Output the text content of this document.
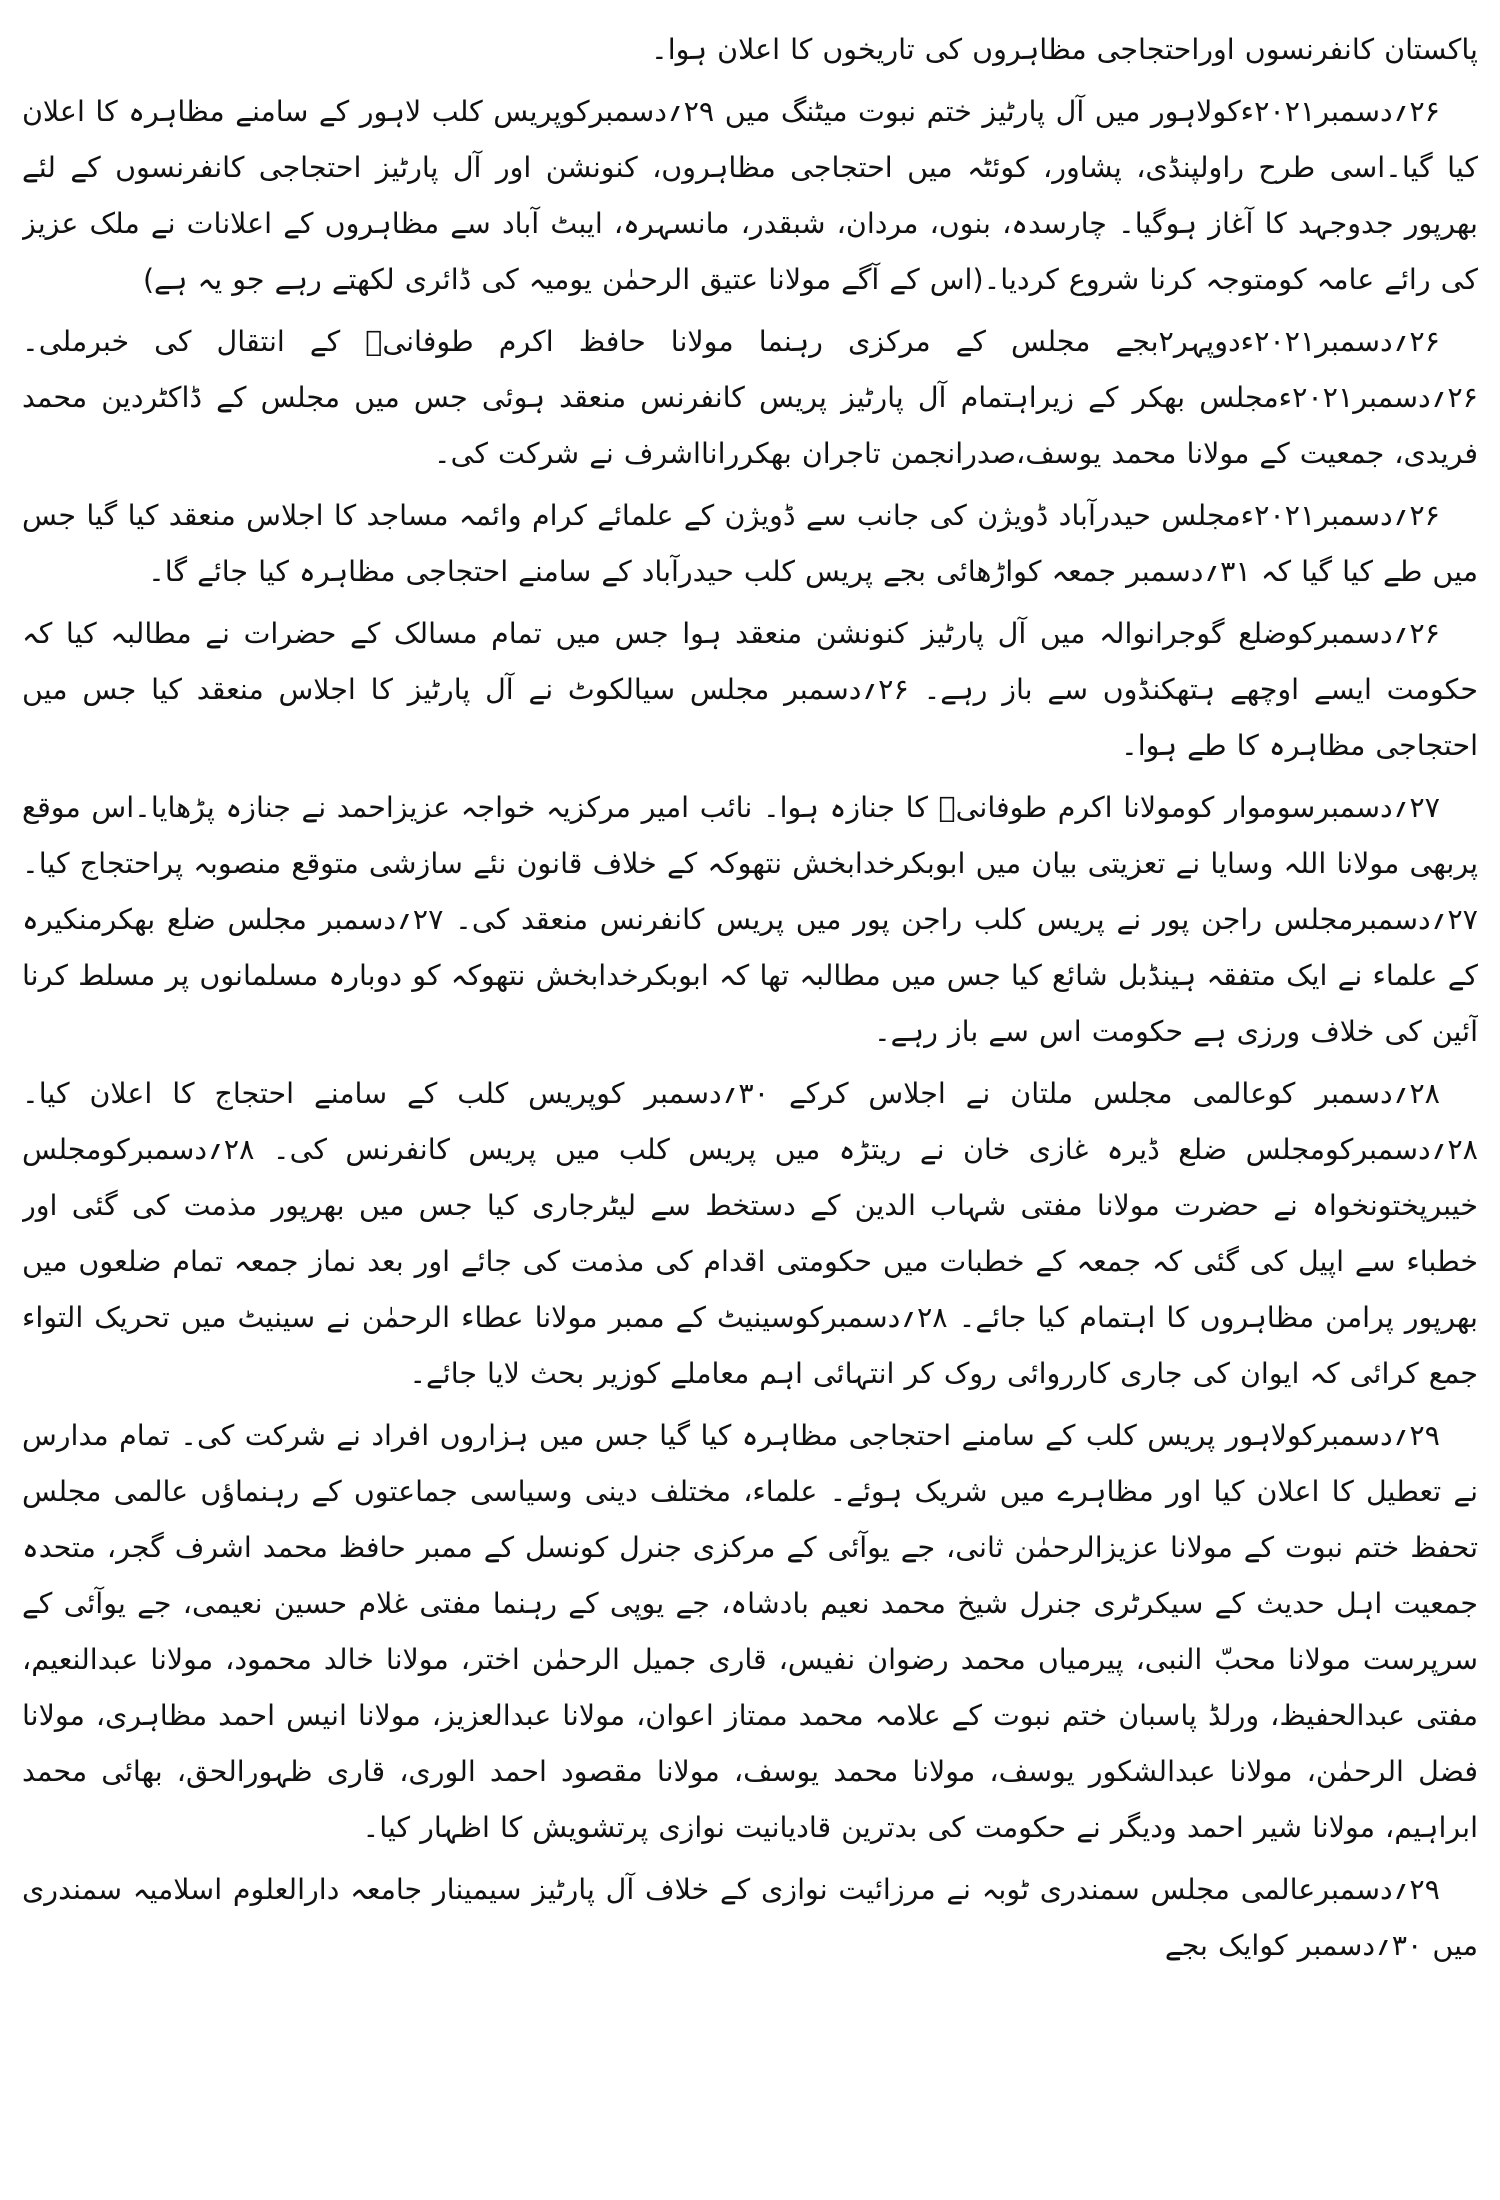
پاکستان کانفرنسوں اوراحتجاجی مظاہروں کی تاریخوں کا اعلان ہوا۔

۲۶؍دسمبر۲۰۲۱ءکولاہور میں آل پارٹیز ختم نبوت میٹنگ میں ۲۹؍دسمبرکوپریس کلب لاہور کے سامنے مظاہرہ کا اعلان کیا گیا۔اسی طرح راولپنڈی، پشاور، کوئٹہ میں احتجاجی مظاہروں، کنونشن اور آل پارٹیز احتجاجی کانفرنسوں کے لئے بھرپور جدوجہد کا آغاز ہوگیا۔ چارسدہ، بنوں، مردان، شبقدر، مانسہرہ، ایبٹ آباد سے مظاہروں کے اعلانات نے ملک عزیز کی رائے عامہ کومتوجہ کرنا شروع کردیا۔(اس کے آگے مولانا عتیق الرحمٰن یومیہ کی ڈائری لکھتے رہے جو یہ ہے)

۲۶؍دسمبر۲۰۲۱ءدوپہر۲بجے مجلس کے مرکزی رہنما مولانا حافظ اکرم طوفانیؒ کے انتقال کی خبرملی۔ ۲۶؍دسمبر۲۰۲۱ءمجلس بھکر کے زیراہتمام آل پارٹیز پریس کانفرنس منعقد ہوئی جس میں مجلس کے ڈاکٹردین محمد فریدی، جمعیت کے مولانا محمد یوسف،صدرانجمن تاجران بھکررانااشرف نے شرکت کی۔

۲۶؍دسمبر۲۰۲۱ءمجلس حیدرآباد ڈویژن کی جانب سے ڈویژن کے علمائے کرام وائمہ مساجد کا اجلاس منعقد کیا گیا جس میں طے کیا گیا کہ ۳۱؍دسمبر جمعہ کواڑھائی بجے پریس کلب حیدرآباد کے سامنے احتجاجی مظاہرہ کیا جائے گا۔

۲۶؍دسمبرکوضلع گوجرانوالہ میں آل پارٹیز کنونشن منعقد ہوا جس میں تمام مسالک کے حضرات نے مطالبہ کیا کہ حکومت ایسے اوچھے ہتھکنڈوں سے باز رہے۔ ۲۶؍دسمبر مجلس سیالکوٹ نے آل پارٹیز کا اجلاس منعقد کیا جس میں احتجاجی مظاہرہ کا طے ہوا۔

۲۷؍دسمبرسوموار کومولانا اکرم طوفانیؒ کا جنازہ ہوا۔ نائب امیر مرکزیہ خواجہ عزیزاحمد نے جنازہ پڑھایا۔اس موقع پربھی مولانا اللہ وسایا نے تعزیتی بیان میں ابوبکرخدابخش نتھوکہ کے خلاف قانون نئے سازشی متوقع منصوبہ پراحتجاج کیا۔ ۲۷؍دسمبرمجلس راجن پور نے پریس کلب راجن پور میں پریس کانفرنس منعقد کی۔ ۲۷؍دسمبر مجلس ضلع بھکرمنکیرہ کے علماء نے ایک متفقہ ہینڈبل شائع کیا جس میں مطالبہ تھا کہ ابوبکرخدابخش نتھوکہ کو دوبارہ مسلمانوں پر مسلط کرنا آئین کی خلاف ورزی ہے حکومت اس سے باز رہے۔

۲۸؍دسمبر کوعالمی مجلس ملتان نے اجلاس کرکے ۳۰؍دسمبر کوپریس کلب کے سامنے احتجاج کا اعلان کیا۔ ۲۸؍دسمبرکومجلس ضلع ڈیرہ غازی خان نے ریتڑہ میں پریس کلب میں پریس کانفرنس کی۔ ۲۸؍دسمبرکومجلس خیبرپختونخواہ نے حضرت مولانا مفتی شہاب الدین کے دستخط سے لیٹرجاری کیا جس میں بھرپور مذمت کی گئی اور خطباء سے اپیل کی گئی کہ جمعہ کے خطبات میں حکومتی اقدام کی مذمت کی جائے اور بعد نماز جمعہ تمام ضلعوں میں بھرپور پرامن مظاہروں کا اہتمام کیا جائے۔ ۲۸؍دسمبرکوسینیٹ کے ممبر مولانا عطاء الرحمٰن نے سینیٹ میں تحریک التواء جمع کرائی کہ ایوان کی جاری کارروائی روک کر انتہائی اہم معاملے کوزیر بحث لایا جائے۔

۲۹؍دسمبرکولاہور پریس کلب کے سامنے احتجاجی مظاہرہ کیا گیا جس میں ہزاروں افراد نے شرکت کی۔ تمام مدارس نے تعطیل کا اعلان کیا اور مظاہرے میں شریک ہوئے۔ علماء، مختلف دینی وسیاسی جماعتوں کے رہنماؤں عالمی مجلس تحفظ ختم نبوت کے مولانا عزیزالرحمٰن ثانی، جے یوآئی کے مرکزی جنرل کونسل کے ممبر حافظ محمد اشرف گجر، متحدہ جمعیت اہل حدیث کے سیکرٹری جنرل شیخ محمد نعیم بادشاہ، جے یوپی کے رہنما مفتی غلام حسین نعیمی، جے یوآئی کے سرپرست مولانا محبّ النبی، پیرمیاں محمد رضوان نفیس، قاری جمیل الرحمٰن اختر، مولانا خالد محمود، مولانا عبدالنعیم، مفتی عبدالحفیظ، ورلڈ پاسبان ختم نبوت کے علامہ محمد ممتاز اعوان، مولانا عبدالعزیز، مولانا انیس احمد مظاہری، مولانا فضل الرحمٰن، مولانا عبدالشکور یوسف، مولانا محمد یوسف، مولانا مقصود احمد الوری، قاری ظہورالحق، بھائی محمد ابراہیم، مولانا شیر احمد ودیگر نے حکومت کی بدترین قادیانیت نوازی پرتشویش کا اظہار کیا۔

۲۹؍دسمبرعالمی مجلس سمندری ٹوبہ نے مرزائیت نوازی کے خلاف آل پارٹیز سیمینار جامعہ دارالعلوم اسلامیہ سمندری میں ۳۰؍دسمبر کوایک بجے
